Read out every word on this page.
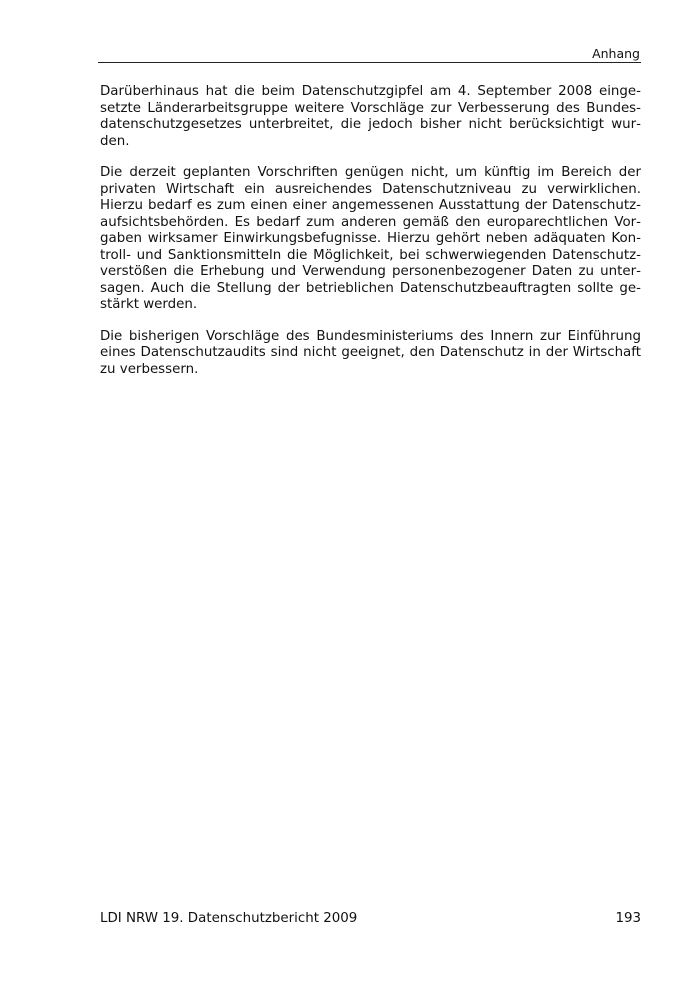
Anhang

Darüberhinaus hat die beim Datenschutzgipfel am 4. September 2008 eingesetzte Länderarbeitsgruppe weitere Vorschläge zur Verbesserung des Bundesdatenschutzgesetzes unterbreitet, die jedoch bisher nicht berücksichtigt wurden.

Die derzeit geplanten Vorschriften genügen nicht, um künftig im Bereich der privaten Wirtschaft ein ausreichendes Datenschutzniveau zu verwirklichen. Hierzu bedarf es zum einen einer angemessenen Ausstattung der Datenschutzaufsichtsbehörden. Es bedarf zum anderen gemäß den europarechtlichen Vorgaben wirksamer Einwirkungsbefugnisse. Hierzu gehört neben adäquaten Kontroll- und Sanktionsmitteln die Möglichkeit, bei schwerwiegenden Datenschutzverstößen die Erhebung und Verwendung personenbezogener Daten zu untersagen. Auch die Stellung der betrieblichen Datenschutzbeauftragten sollte gestärkt werden.

Die bisherigen Vorschläge des Bundesministeriums des Innern zur Einführung eines Datenschutzaudits sind nicht geeignet, den Datenschutz in der Wirtschaft zu verbessern.

LDI NRW 19. Datenschutzbericht 2009	193
